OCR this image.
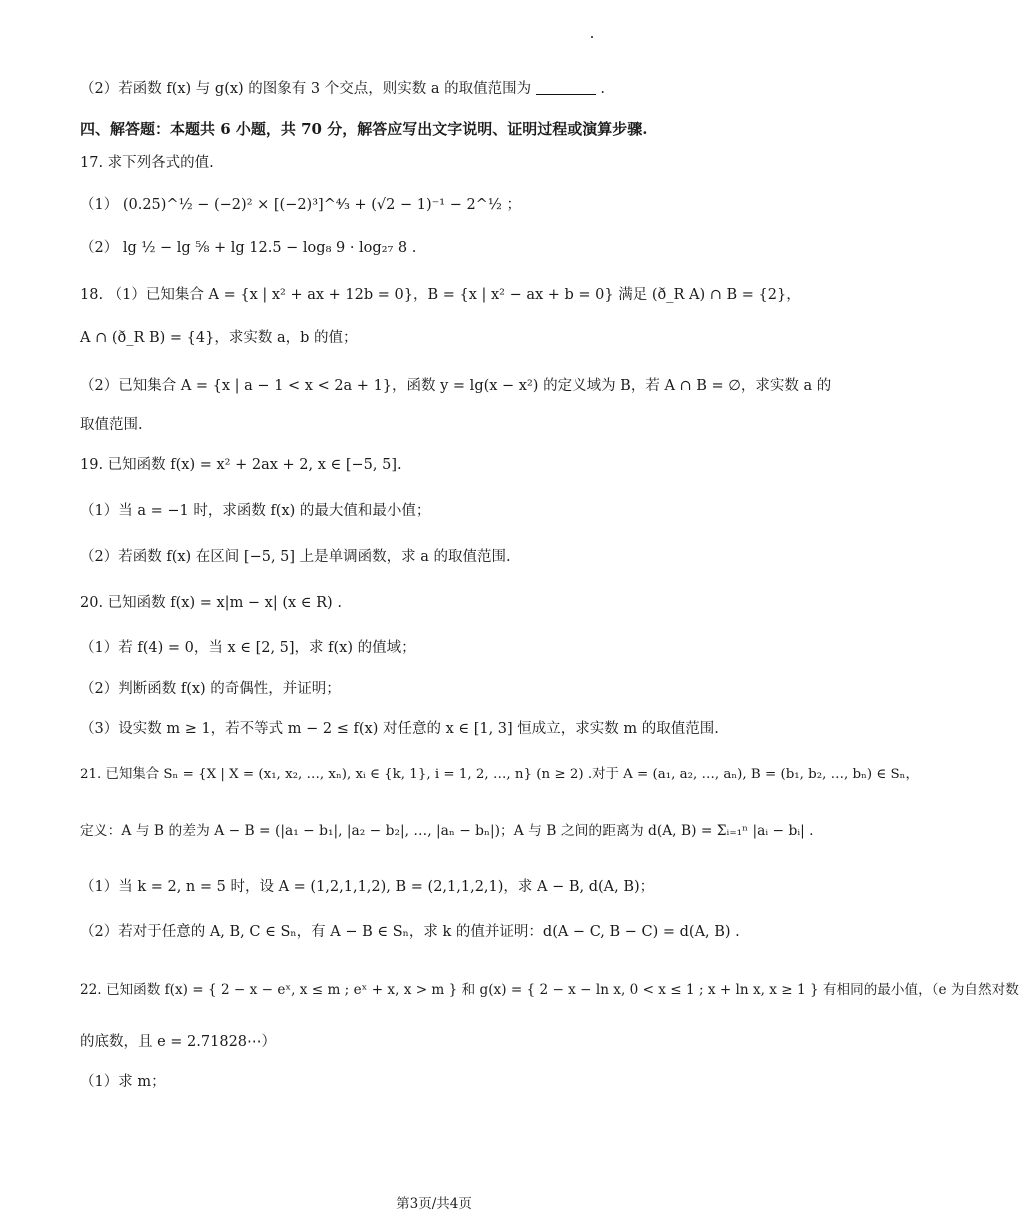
（2）若函数 f(x) 与 g(x) 的图象有 3 个交点，则实数 a 的取值范围为	.
四、解答题：本题共 6 小题，共 70 分，解答应写出文字说明、证明过程或演算步骤.
17. 求下列各式的值.
（1） (0.25)^½ − (−2)² × [(−2)³]^⁴⁄₃ + (√2 − 1)⁻¹ − 2^½ ；
（2） lg ½ − lg ⅝ + lg 12.5 − log₈ 9 · log₂₇ 8 .
18. （1）已知集合 A = {x | x² + ax + 12b = 0}，B = {x | x² − ax + b = 0} 满足 (ð_R A) ∩ B = {2}，
A ∩ (ð_R B) = {4}，求实数 a，b 的值；
（2）已知集合 A = {x | a − 1 < x < 2a + 1}，函数 y = lg(x − x²) 的定义域为 B，若 A ∩ B = ∅，求实数 a 的
取值范围.
19. 已知函数 f(x) = x² + 2ax + 2, x ∈ [−5, 5].
（1）当 a = −1 时，求函数 f(x) 的最大值和最小值；
（2）若函数 f(x) 在区间 [−5, 5] 上是单调函数，求 a 的取值范围.
20. 已知函数 f(x) = x|m − x| (x ∈ R) .
（1）若 f(4) = 0，当 x ∈ [2, 5]，求 f(x) 的值域；
（2）判断函数 f(x) 的奇偶性，并证明；
（3）设实数 m ≥ 1，若不等式 m − 2 ≤ f(x) 对任意的 x ∈ [1, 3] 恒成立，求实数 m 的取值范围.
21. 已知集合 Sₙ = {X | X = (x₁, x₂, …, xₙ), xᵢ ∈ {k, 1}, i = 1, 2, …, n} (n ≥ 2) .对于 A = (a₁, a₂, …, aₙ), B = (b₁, b₂, …, bₙ) ∈ Sₙ，
定义：A 与 B 的差为 A − B = (|a₁ − b₁|, |a₂ − b₂|, …, |aₙ − bₙ|)；A 与 B 之间的距离为 d(A, B) = Σᵢ₌₁ⁿ |aᵢ − bᵢ| .
（1）当 k = 2, n = 5 时，设 A = (1,2,1,1,2), B = (2,1,1,2,1)，求 A − B, d(A, B)；
（2）若对于任意的 A, B, C ∈ Sₙ，有 A − B ∈ Sₙ，求 k 的值并证明：d(A − C, B − C) = d(A, B) .
22. 已知函数 f(x) = { 2 − x − eˣ, x ≤ m ; eˣ + x, x > m } 和 g(x) = { 2 − x − ln x, 0 < x ≤ 1 ; x + ln x, x ≥ 1 } 有相同的最小值，（e 为自然对数
的底数，且 e = 2.71828⋯）
（1）求 m；
第3页/共4页
